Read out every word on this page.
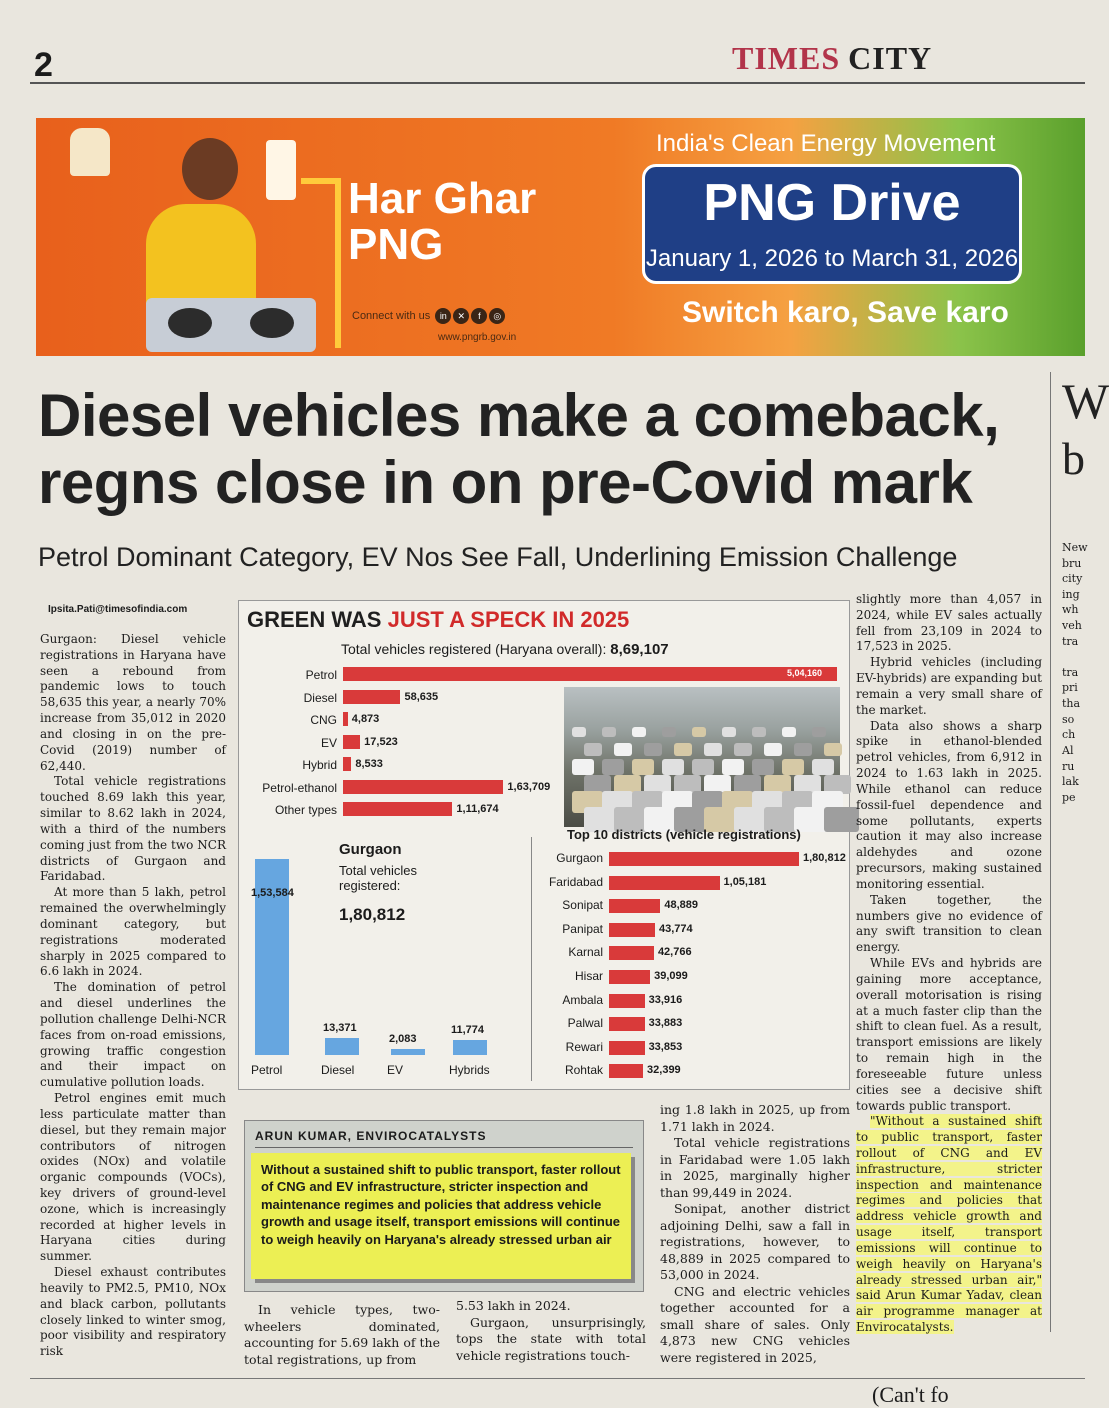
2	TIMES CITY
Har Ghar PNG
Connect with us in ✕ f ◎
www.pngrb.gov.in
India's Clean Energy Movement
PNG Drive
January 1, 2026 to March 31, 2026
Switch karo, Save karo
Diesel vehicles make a comeback, regns close in on pre-Covid mark
Petrol Dominant Category, EV Nos See Fall, Underlining Emission Challenge
Ipsita.Pati@timesofindia.com
W
b
New
bru
city
ing
wh
veh
tra

tra
pri
tha
so
ch
Al
ru
lak
pe

Gurgaon: Diesel vehicle registrations in Haryana have seen a rebound from pandemic lows to touch 58,635 this year, a nearly 70% increase from 35,012 in 2020 and closing in on the pre-Covid (2019) number of 62,440.

Total vehicle registrations touched 8.69 lakh this year, similar to 8.62 lakh in 2024, with a third of the numbers coming just from the two NCR districts of Gurgaon and Faridabad.

At more than 5 lakh, petrol remained the overwhelmingly dominant category, but registrations moderated sharply in 2025 compared to 6.6 lakh in 2024.

The domination of petrol and diesel underlines the pollution challenge Delhi-NCR faces from on-road emissions, growing traffic congestion and their impact on cumulative pollution loads.

Petrol engines emit much less particulate matter than diesel, but they remain major contributors of nitrogen oxides (NOx) and volatile organic compounds (VOCs), key drivers of ground-level ozone, which is increasingly recorded at higher levels in Haryana cities during summer.

Diesel exhaust contributes heavily to PM2.5, PM10, NOx and black carbon, pollutants closely linked to winter smog, poor visibility and respiratory risk

GREEN WAS JUST A SPECK IN 2025
Total vehicles registered (Haryana overall): 8,69,107
Petrol	5,04,160
Diesel	58,635
CNG 4,873
EV 17,523
Hybrid 8,533
Petrol-ethanol	1,63,709
Other types	1,11,674
Gurgaon
Total vehicles registered:
1,80,812
1,53,584
Petrol
13,371
Diesel
2,083
EV
11,774
Hybrids
Top 10 districts (vehicle registrations)
Gurgaon	1,80,812
Faridabad	1,05,181
Sonipat	48,889
Panipat	43,774
Karnal	42,766
Hisar	39,099
Ambala	33,916
Palwal	33,883
Rewari	33,853
Rohtak	32,399
ARUN KUMAR, ENVIROCATALYSTS
Without a sustained shift to public transport, faster rollout of CNG and EV infrastructure, stricter inspection and maintenance regimes and policies that address vehicle growth and usage itself, transport emissions will continue to weigh heavily on Haryana's already stressed urban air

In vehicle types, two-wheelers dominated, accounting for 5.69 lakh of the total registrations, up from

5.53 lakh in 2024.

Gurgaon, unsurprisingly, tops the state with total vehicle registrations touch-

ing 1.8 lakh in 2025, up from 1.71 lakh in 2024.

Total vehicle registrations in Faridabad were 1.05 lakh in 2025, marginally higher than 99,449 in 2024.

Sonipat, another district adjoining Delhi, saw a fall in registrations, however, to 48,889 in 2025 compared to 53,000 in 2024.

CNG and electric vehicles together accounted for a small share of sales. Only 4,873 new CNG vehicles were registered in 2025,

slightly more than 4,057 in 2024, while EV sales actually fell from 23,109 in 2024 to 17,523 in 2025.

Hybrid vehicles (including EV-hybrids) are expanding but remain a very small share of the market.

Data also shows a sharp spike in ethanol-blended petrol vehicles, from 6,912 in 2024 to 1.63 lakh in 2025. While ethanol can reduce fossil-fuel dependence and some pollutants, experts caution it may also increase aldehydes and ozone precursors, making sustained monitoring essential.

Taken together, the numbers give no evidence of any swift transition to clean energy.

While EVs and hybrids are gaining more acceptance, overall motorisation is rising at a much faster clip than the shift to clean fuel. As a result, transport emissions are likely to remain high in the foreseeable future unless cities see a decisive shift towards public transport.

"Without a sustained shift to public transport, faster rollout of CNG and EV infrastructure, stricter inspection and maintenance regimes and policies that address vehicle growth and usage itself, transport emissions will continue to weigh heavily on Haryana's already stressed urban air," said Arun Kumar Yadav, clean air programme manager at Envirocatalysts.

(Can't fo
